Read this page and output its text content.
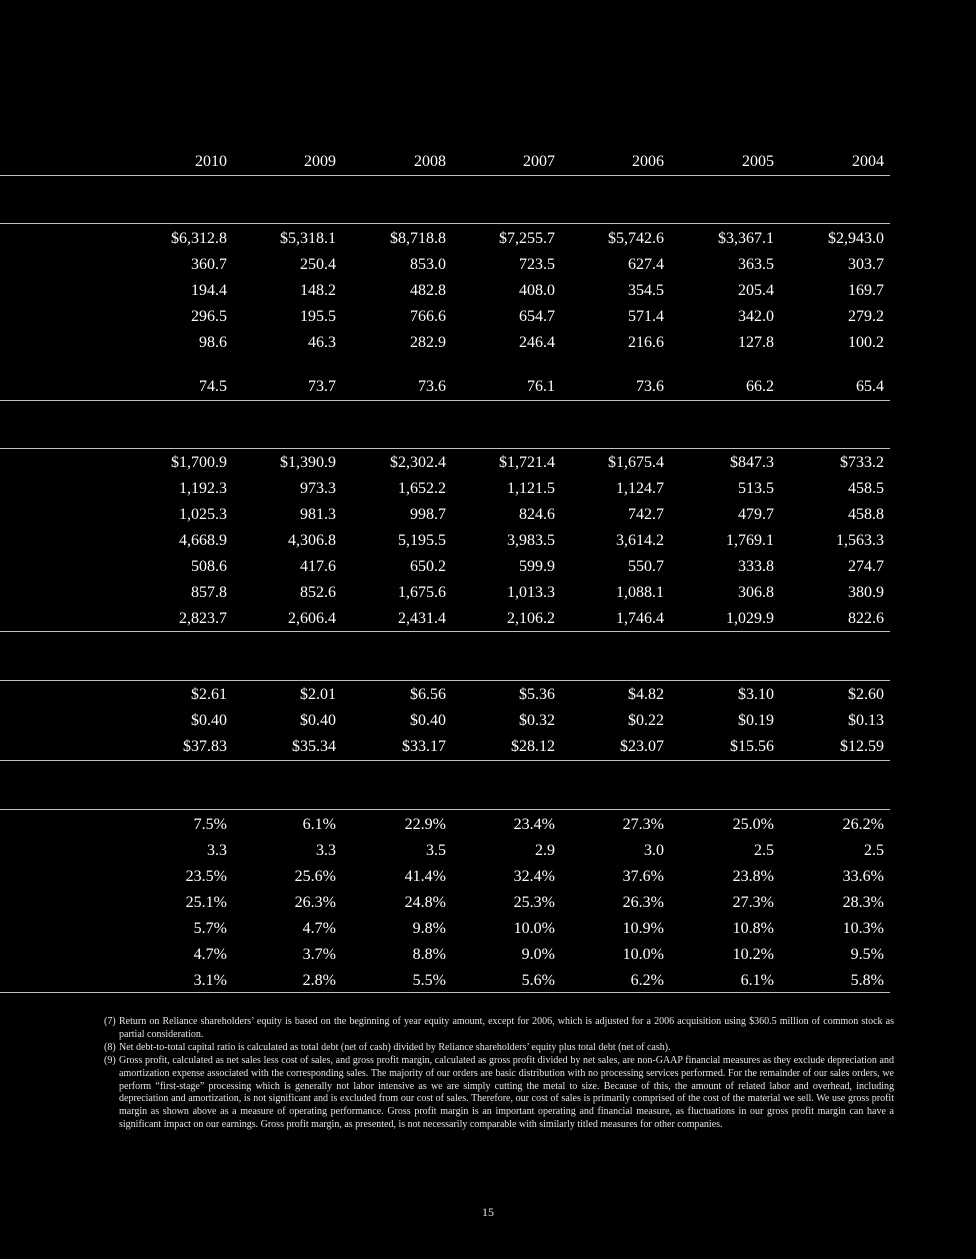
2010	2009	2008	2007	2006	2005	2004
$6,312.8	$5,318.1	$8,718.8	$7,255.7	$5,742.6	$3,367.1	$2,943.0
360.7	250.4	853.0	723.5	627.4	363.5	303.7
194.4	148.2	482.8	408.0	354.5	205.4	169.7
296.5	195.5	766.6	654.7	571.4	342.0	279.2
98.6	46.3	282.9	246.4	216.6	127.8	100.2
74.5	73.7	73.6	76.1	73.6	66.2	65.4
$1,700.9	$1,390.9	$2,302.4	$1,721.4	$1,675.4	$847.3	$733.2
1,192.3	973.3	1,652.2	1,121.5	1,124.7	513.5	458.5
1,025.3	981.3	998.7	824.6	742.7	479.7	458.8
4,668.9	4,306.8	5,195.5	3,983.5	3,614.2	1,769.1	1,563.3
508.6	417.6	650.2	599.9	550.7	333.8	274.7
857.8	852.6	1,675.6	1,013.3	1,088.1	306.8	380.9
2,823.7	2,606.4	2,431.4	2,106.2	1,746.4	1,029.9	822.6
$2.61	$2.01	$6.56	$5.36	$4.82	$3.10	$2.60
$0.40	$0.40	$0.40	$0.32	$0.22	$0.19	$0.13
$37.83	$35.34	$33.17	$28.12	$23.07	$15.56	$12.59
7.5%	6.1%	22.9%	23.4%	27.3%	25.0%	26.2%
3.3	3.3	3.5	2.9	3.0	2.5	2.5
23.5%	25.6%	41.4%	32.4%	37.6%	23.8%	33.6%
25.1%	26.3%	24.8%	25.3%	26.3%	27.3%	28.3%
5.7%	4.7%	9.8%	10.0%	10.9%	10.8%	10.3%
4.7%	3.7%	8.8%	9.0%	10.0%	10.2%	9.5%
3.1%	2.8%	5.5%	5.6%	6.2%	6.1%	5.8%
(7) Return on Reliance shareholders’ equity is based on the beginning of year equity amount, except for 2006, which is adjusted for a 2006 acquisition using $360.5 million of common stock as partial consideration.
(8) Net debt-to-total capital ratio is calculated as total debt (net of cash) divided by Reliance shareholders’ equity plus total debt (net of cash).
(9) Gross profit, calculated as net sales less cost of sales, and gross profit margin, calculated as gross profit divided by net sales, are non-GAAP financial measures as they exclude depreciation and amortization expense associated with the corresponding sales. The majority of our orders are basic distribution with no processing services performed. For the remainder of our sales orders, we perform “first-stage” processing which is generally not labor intensive as we are simply cutting the metal to size. Because of this, the amount of related labor and overhead, including depreciation and amortization, is not significant and is excluded from our cost of sales. Therefore, our cost of sales is primarily comprised of the cost of the material we sell. We use gross profit margin as shown above as a measure of operating performance. Gross profit margin is an important operating and financial measure, as fluctuations in our gross profit margin can have a significant impact on our earnings. Gross profit margin, as presented, is not necessarily comparable with similarly titled measures for other companies.
15
